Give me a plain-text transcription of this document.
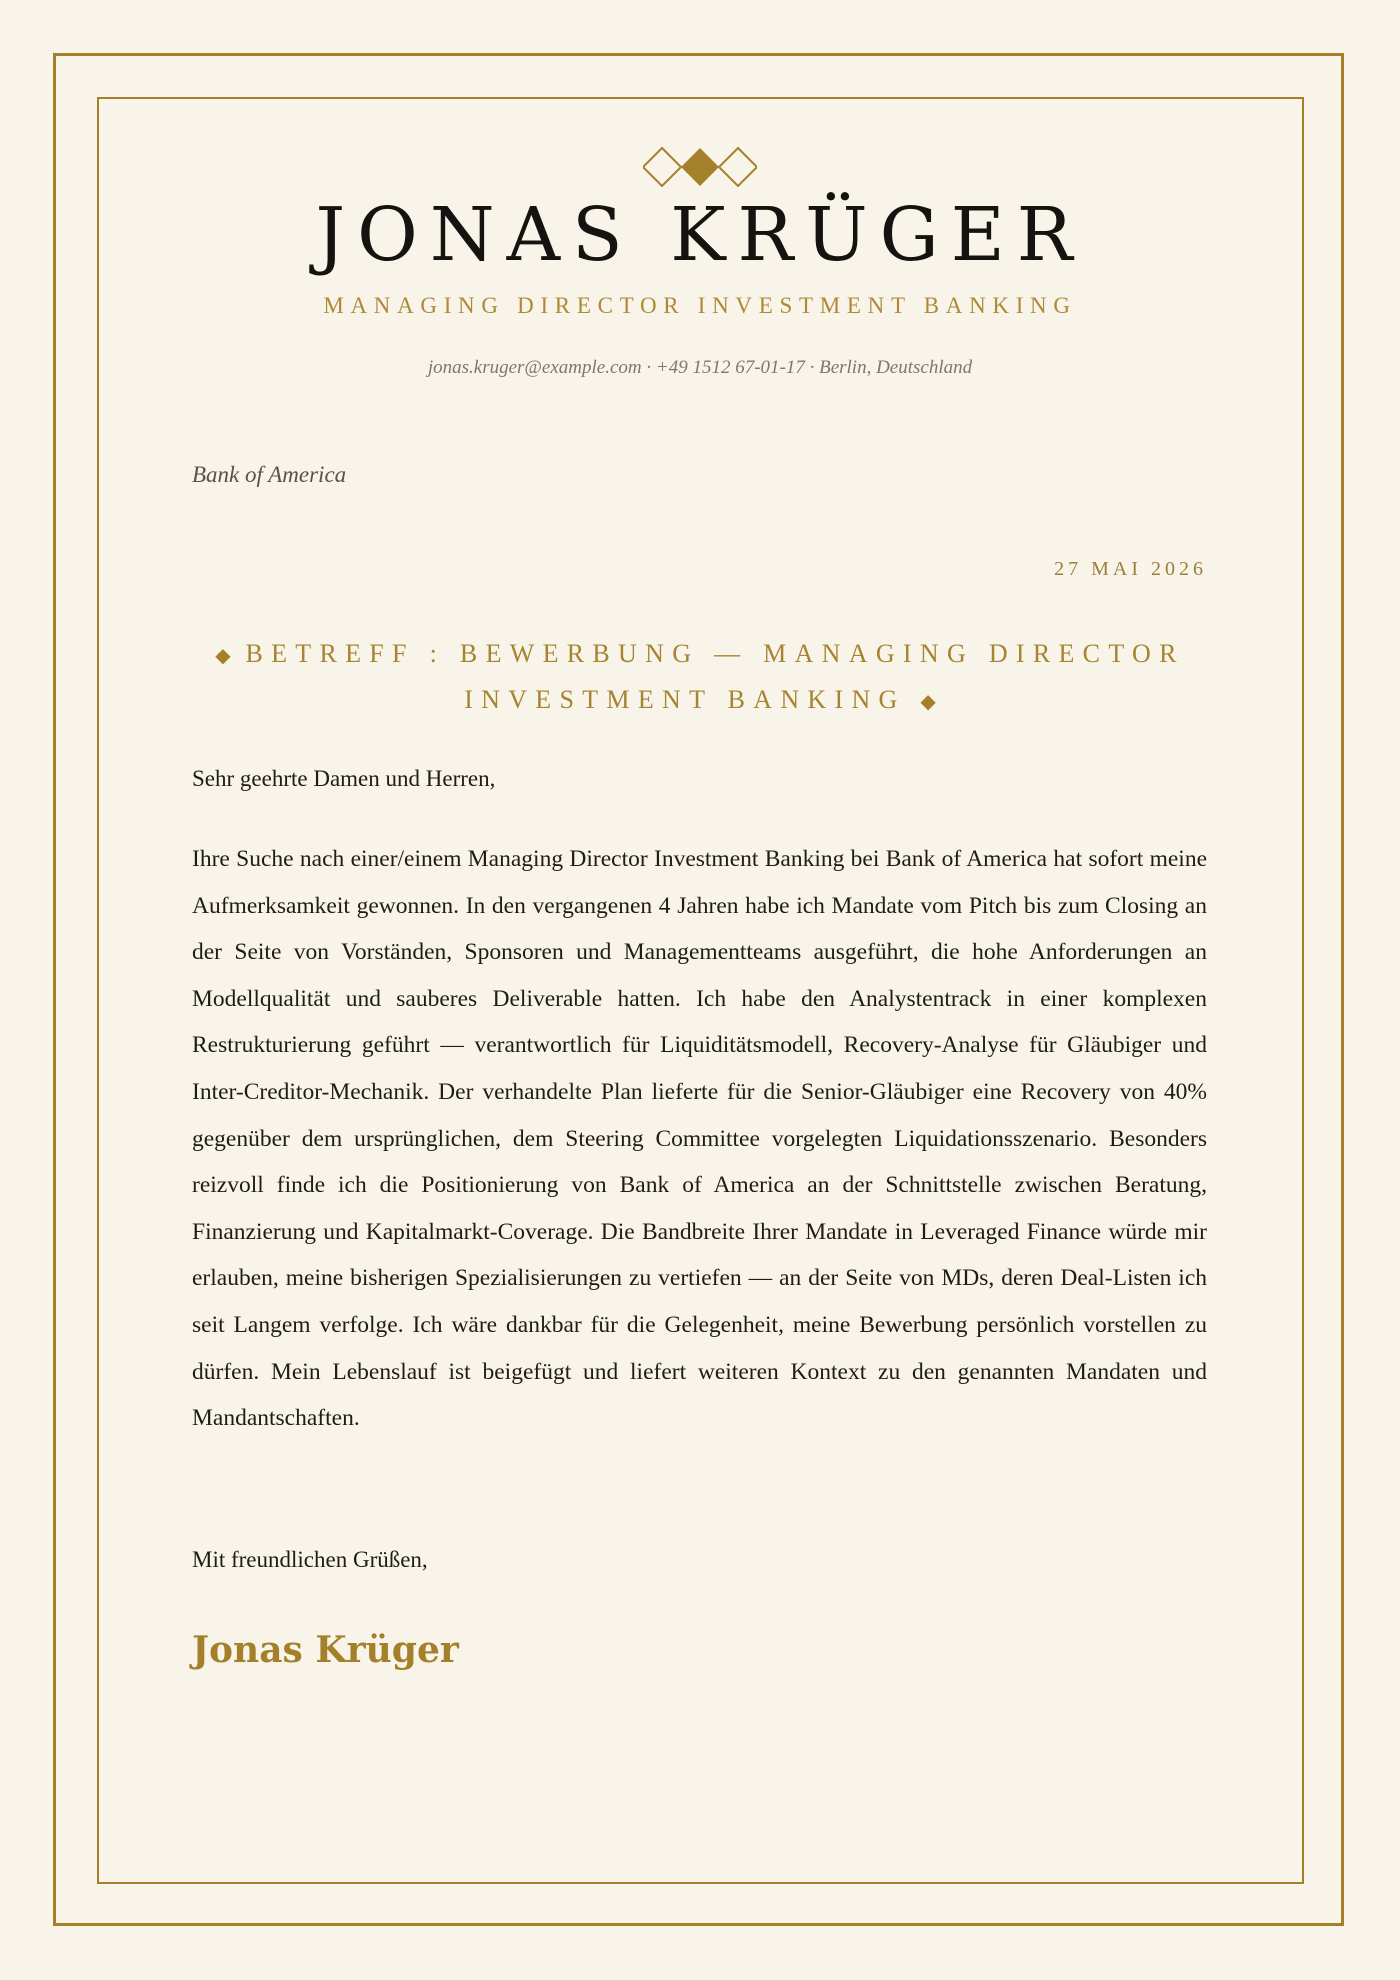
JONAS KRÜGER
MANAGING DIRECTOR INVESTMENT BANKING
jonas.kruger@example.com · +49 1512 67-01-17 · Berlin, Deutschland
Bank of America
27 MAI 2026
◆ BETREFF : BEWERBUNG — MANAGING DIRECTOR INVESTMENT BANKING ◆
Sehr geehrte Damen und Herren,

Ihre Suche nach einer/einem Managing Director Investment Banking bei Bank of America hat sofort meine Aufmerksamkeit gewonnen. In den vergangenen 4 Jahren habe ich Mandate vom Pitch bis zum Closing an der Seite von Vorständen, Sponsoren und Managementteams ausgeführt, die hohe Anforderungen an Modellqualität und sauberes Deliverable hatten. Ich habe den Analystentrack in einer komplexen Restrukturierung geführt — verantwortlich für Liquiditätsmodell, Recovery-Analyse für Gläubiger und Inter-Creditor-Mechanik. Der verhandelte Plan lieferte für die Senior-Gläubiger eine Recovery von 40% gegenüber dem ursprünglichen, dem Steering Committee vorgelegten Liquidationsszenario. Besonders reizvoll finde ich die Positionierung von Bank of America an der Schnittstelle zwischen Beratung, Finanzierung und Kapitalmarkt-Coverage. Die Bandbreite Ihrer Mandate in Leveraged Finance würde mir erlauben, meine bisherigen Spezialisierungen zu vertiefen — an der Seite von MDs, deren Deal-Listen ich seit Langem verfolge. Ich wäre dankbar für die Gelegenheit, meine Bewerbung persönlich vorstellen zu dürfen. Mein Lebenslauf ist beigefügt und liefert weiteren Kontext zu den genannten Mandaten und Mandantschaften.

Mit freundlichen Grüßen,
Jonas Krüger
